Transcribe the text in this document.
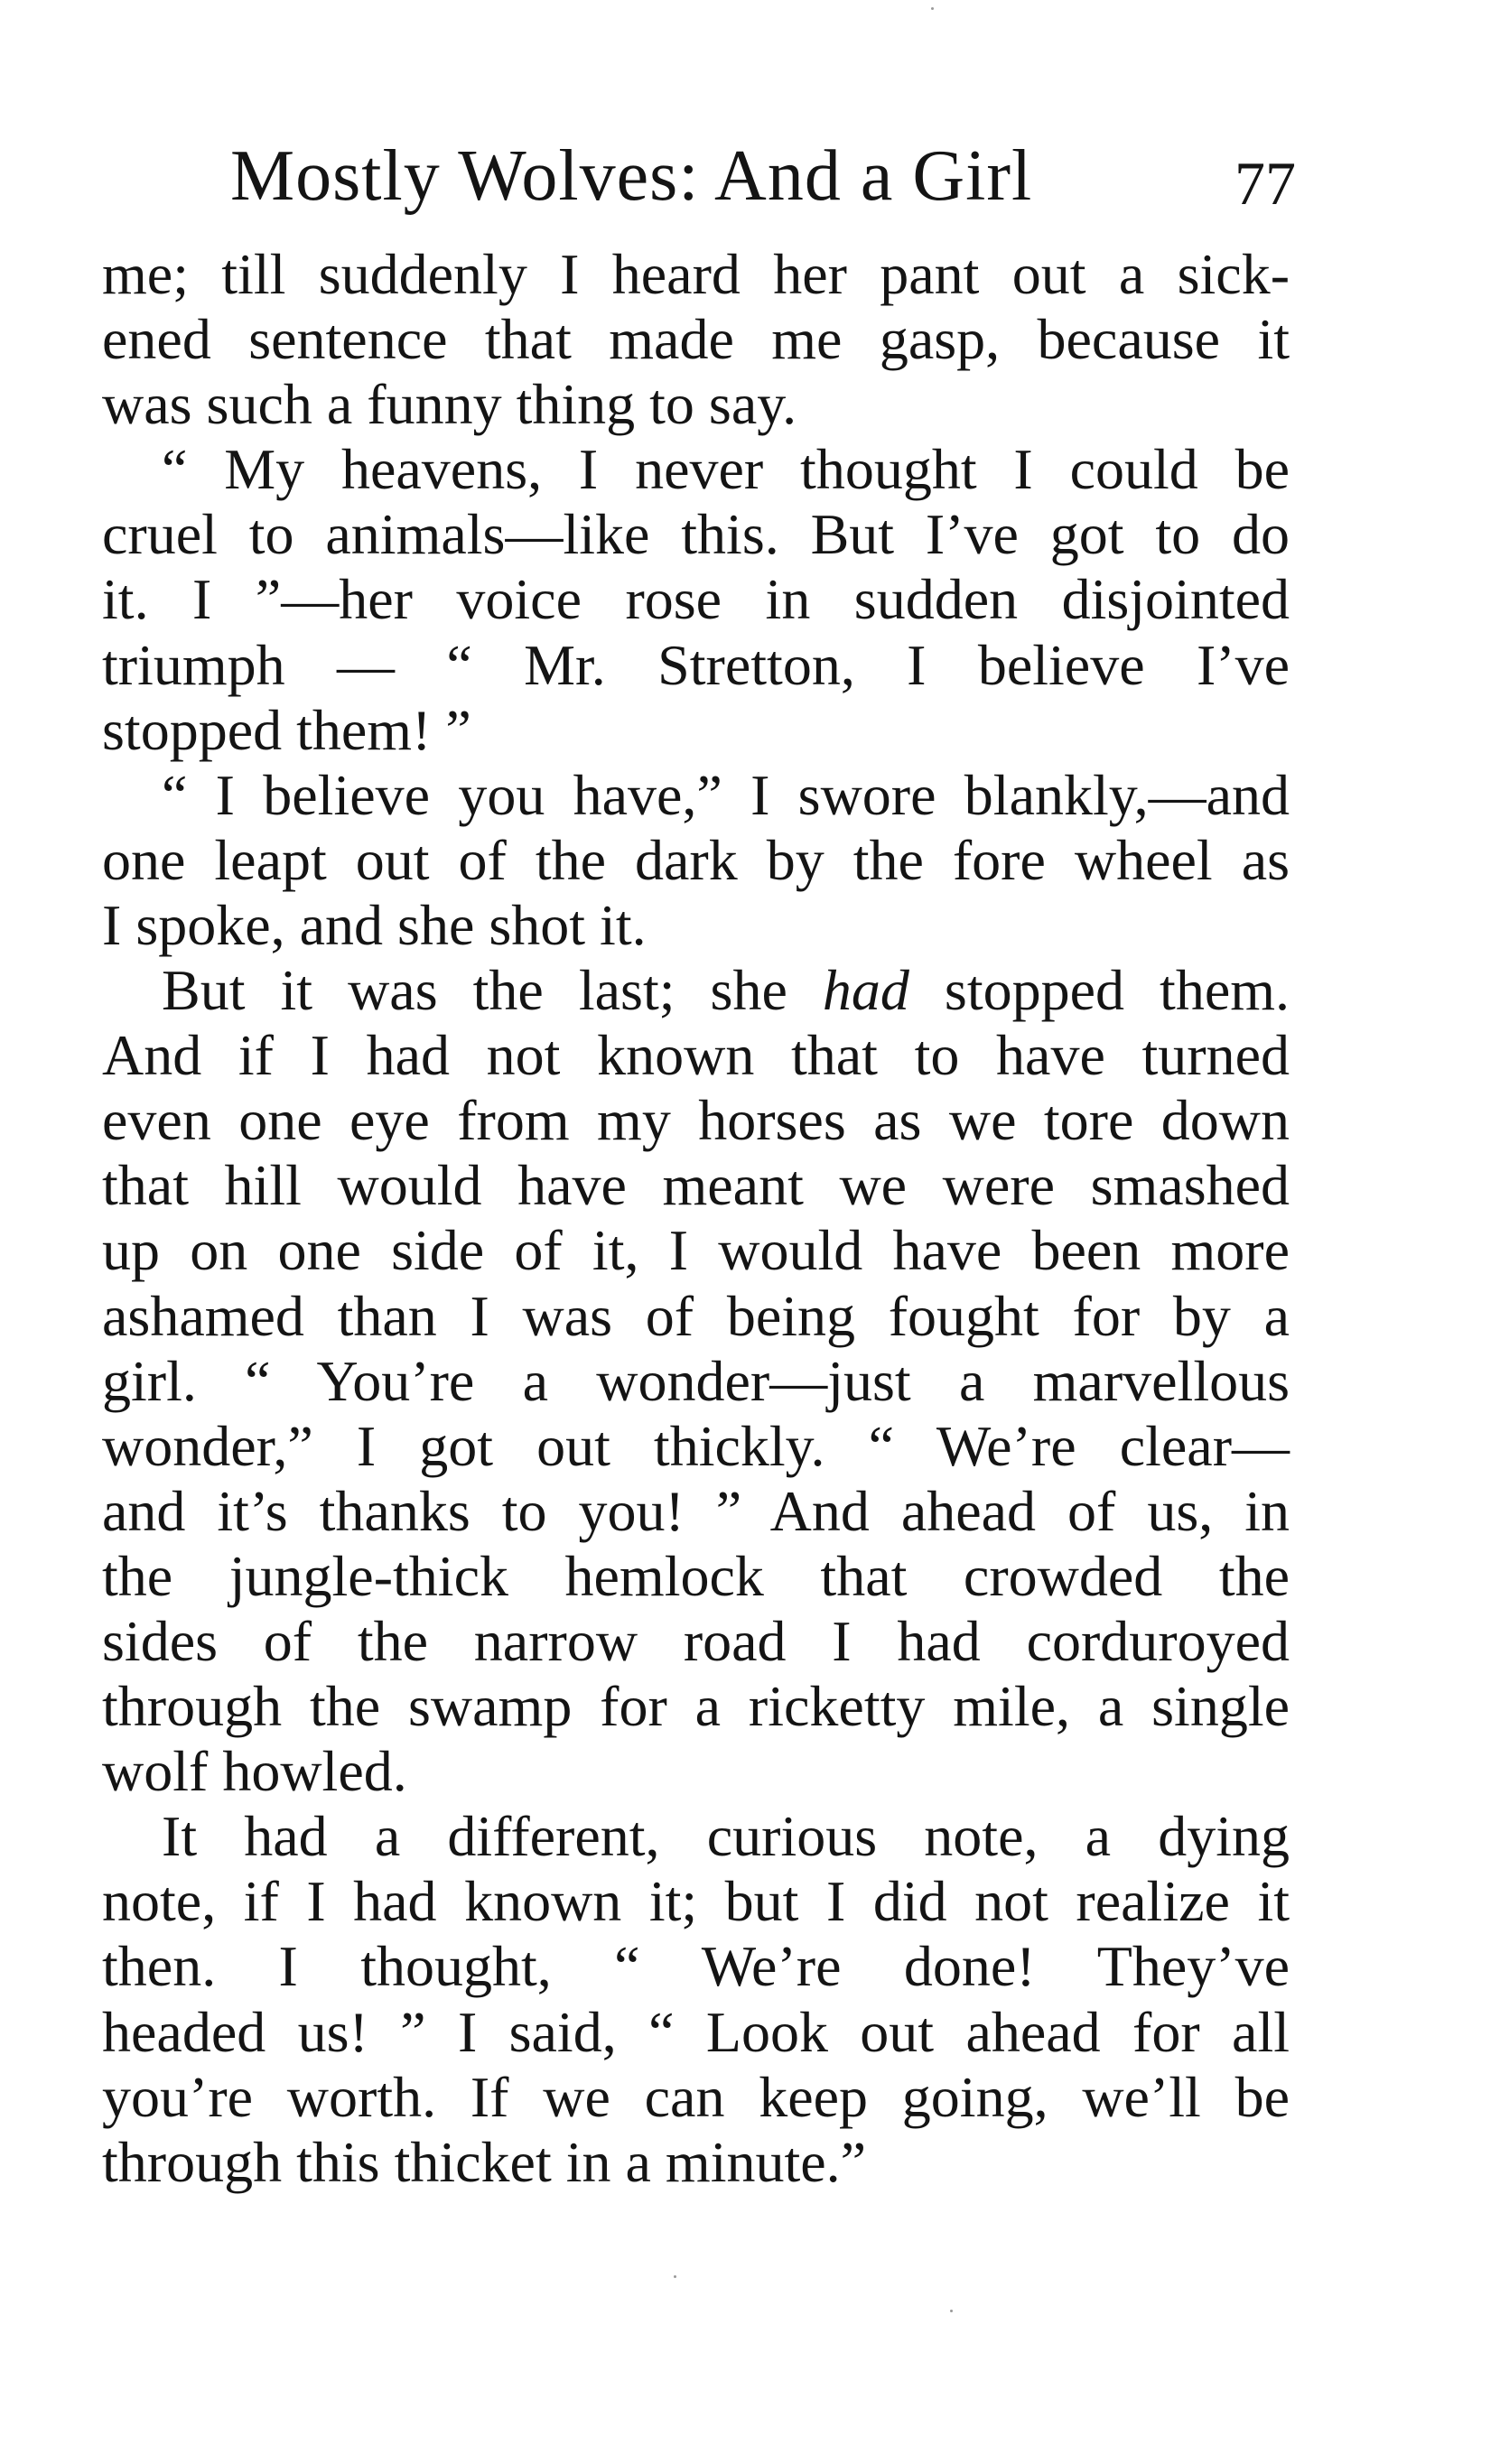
Mostly Wolves: And a Girl	77
me; till suddenly I heard her pant out a sick-
ened sentence that made me gasp, because it
was such a funny thing to say.
“ My heavens, I never thought I could be
cruel to animals—like this. But I’ve got to do
it. I ”—her voice rose in sudden disjointed
triumph — “ Mr. Stretton, I believe I’ve
stopped them! ”
“ I believe you have,” I swore blankly,—and
one leapt out of the dark by the fore wheel as
I spoke, and she shot it.
But it was the last; she had stopped them.
And if I had not known that to have turned
even one eye from my horses as we tore down
that hill would have meant we were smashed
up on one side of it, I would have been more
ashamed than I was of being fought for by a
girl. “ You’re a wonder—just a marvellous
wonder,” I got out thickly. “ We’re clear—
and it’s thanks to you! ” And ahead of us, in
the jungle-thick hemlock that crowded the
sides of the narrow road I had corduroyed
through the swamp for a ricketty mile, a single
wolf howled.
It had a different, curious note, a dying
note, if I had known it; but I did not realize it
then. I thought, “ We’re done! They’ve
headed us! ” I said, “ Look out ahead for all
you’re worth. If we can keep going, we’ll be
through this thicket in a minute.”
